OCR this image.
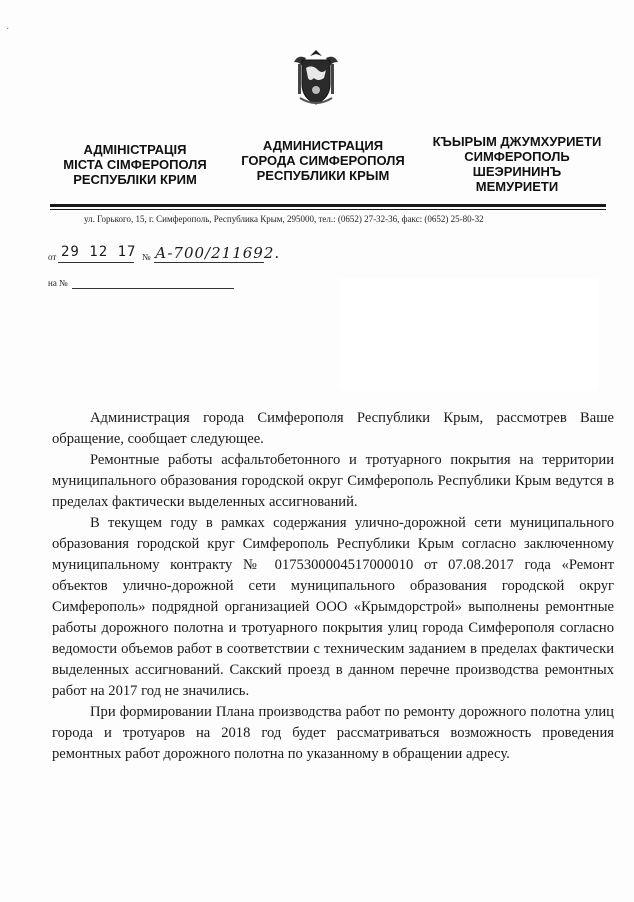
·
АДМІНІСТРАЦІЯ
МІСТА СІМФЕРОПОЛЯ
РЕСПУБЛІКИ КРИМ
АДМИНИСТРАЦИЯ
ГОРОДА СИМФЕРОПОЛЯ
РЕСПУБЛИКИ КРЫМ
КЪЫРЫМ ДЖУМХУРИЕТИ
СИМФЕРОПОЛЬ
ШЕЭРИНИНЪ
МЕМУРИЕТИ
ул. Горького, 15, г. Симферополь, Республика Крым, 295000, тел.: (0652) 27-32-36, факс: (0652) 25-80-32
от 29 12 17 № А-700/211692.
на №

Администрация города Симферополя Республики Крым, рассмотрев Ваше обращение, сообщает следующее.

Ремонтные работы асфальтобетонного и тротуарного покрытия на территории муниципального образования городской округ Симферополь Республики Крым ведутся в пределах фактически выделенных ассигнований.

В текущем году в рамках содержания улично-дорожной сети муниципального образования городской круг Симферополь Республики Крым согласно заключенному муниципальному контракту № 0175300004517000010 от 07.08.2017 года «Ремонт объектов улично-дорожной сети муниципального образования городской округ Симферополь» подрядной организацией ООО «Крымдорстрой» выполнены ремонтные работы дорожного полотна и тротуарного покрытия улиц города Симферополя согласно ведомости объемов работ в соответствии с техническим заданием в пределах фактически выделенных ассигнований. Сакский проезд в данном перечне производства ремонтных работ на 2017 год не значились.

При формировании Плана производства работ по ремонту дорожного полотна улиц города и тротуаров на 2018 год будет рассматриваться возможность проведения ремонтных работ дорожного полотна по указанному в обращении адресу.
